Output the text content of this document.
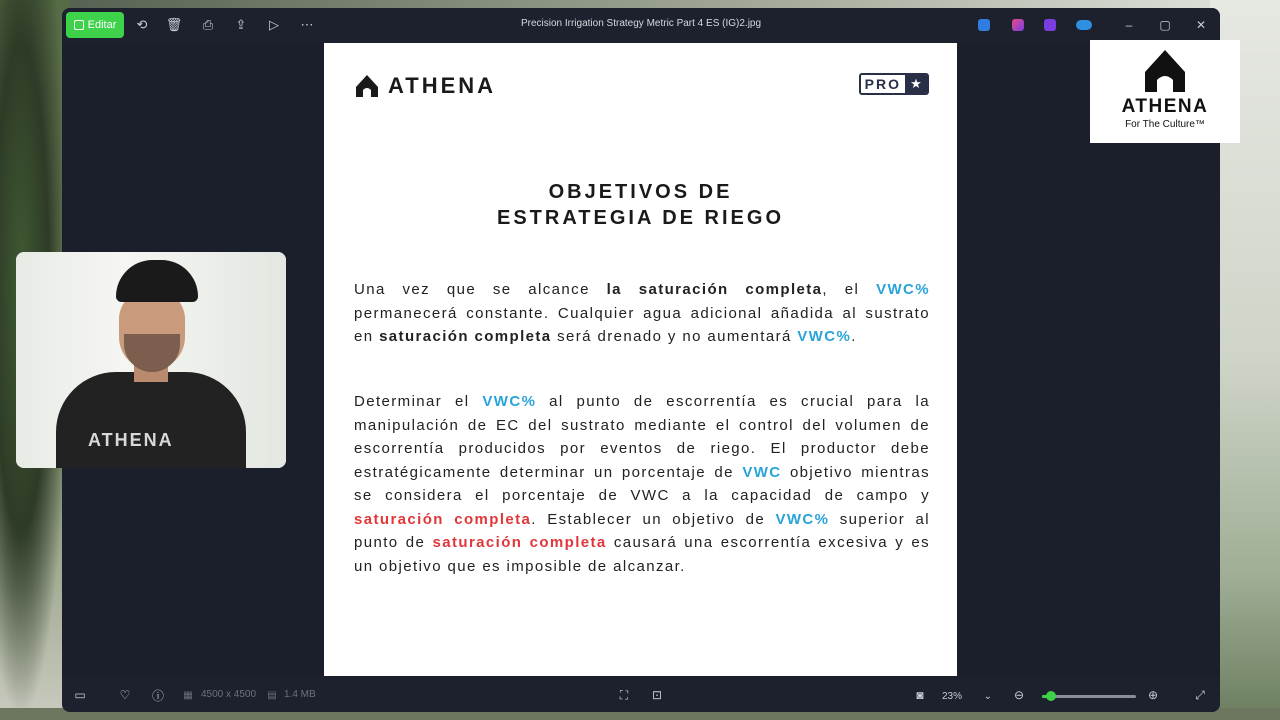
Editar ⟲ 🗑 ⎙ ⇪ ▷ ⋯	Precision Irrigation Strategy Metric Part 4 ES (IG)2.jpg	–	▢	✕
ATHENA	PRO ★
OBJETIVOS DE
ESTRATEGIA DE RIEGO
Una vez que se alcance la saturación completa, el VWC% permanecerá constante. Cualquier agua adicional añadida al sustrato en saturación completa será drenado y no aumentará VWC%.
Determinar el VWC% al punto de escorrentía es crucial para la manipulación de EC del sustrato mediante el control del volumen de escorrentía producidos por eventos de riego. El productor debe estratégicamente determinar un porcentaje de VWC objetivo mientras se considera el porcentaje de VWC a la capacidad de campo y saturación completa. Establecer un objetivo de VWC% superior al punto de saturación completa causará una escorrentía excesiva y es un objetivo que es imposible de alcanzar.
▭	♡ ⓘ	▦ 4500 x 4500	▤ 1.4 MB	⛶	⊡	◙	23% ⌄ ⊖	⊕	⤢
ATHENA
For The Culture™
ATHENA
